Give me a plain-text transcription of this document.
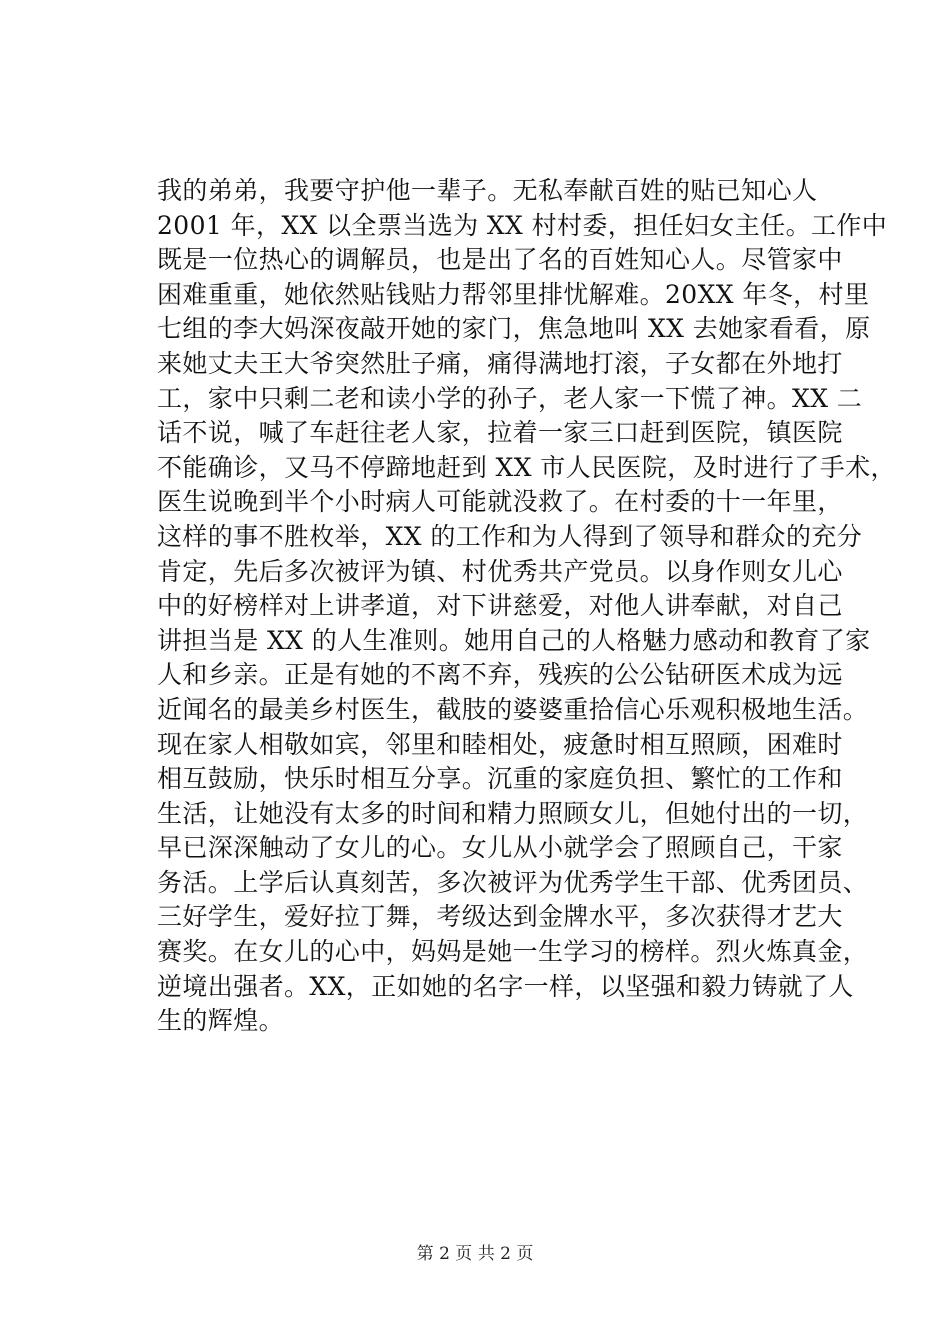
我的弟弟，我要守护他一辈子。无私奉献百姓的贴已知心人
2001 年，XX 以全票当选为 XX 村村委，担任妇女主任。工作中
既是一位热心的调解员，也是出了名的百姓知心人。尽管家中
困难重重，她依然贴钱贴力帮邻里排忧解难。20XX 年冬，村里
七组的李大妈深夜敲开她的家门，焦急地叫 XX 去她家看看，原
来她丈夫王大爷突然肚子痛，痛得满地打滚，子女都在外地打
工，家中只剩二老和读小学的孙子，老人家一下慌了神。XX 二
话不说，喊了车赶往老人家，拉着一家三口赶到医院，镇医院
不能确诊，又马不停蹄地赶到 XX 市人民医院，及时进行了手术，
医生说晚到半个小时病人可能就没救了。在村委的十一年里，
这样的事不胜枚举，XX 的工作和为人得到了领导和群众的充分
肯定，先后多次被评为镇、村优秀共产党员。以身作则女儿心
中的好榜样对上讲孝道，对下讲慈爱，对他人讲奉献，对自己
讲担当是 XX 的人生准则。她用自己的人格魅力感动和教育了家
人和乡亲。正是有她的不离不弃，残疾的公公钻研医术成为远
近闻名的最美乡村医生，截肢的婆婆重拾信心乐观积极地生活。
现在家人相敬如宾，邻里和睦相处，疲惫时相互照顾，困难时
相互鼓励，快乐时相互分享。沉重的家庭负担、繁忙的工作和
生活，让她没有太多的时间和精力照顾女儿，但她付出的一切，
早已深深触动了女儿的心。女儿从小就学会了照顾自己，干家
务活。上学后认真刻苦，多次被评为优秀学生干部、优秀团员、
三好学生，爱好拉丁舞，考级达到金牌水平，多次获得才艺大
赛奖。在女儿的心中，妈妈是她一生学习的榜样。烈火炼真金，
逆境出强者。XX，正如她的名字一样，以坚强和毅力铸就了人
生的辉煌。
第 2 页 共 2 页
